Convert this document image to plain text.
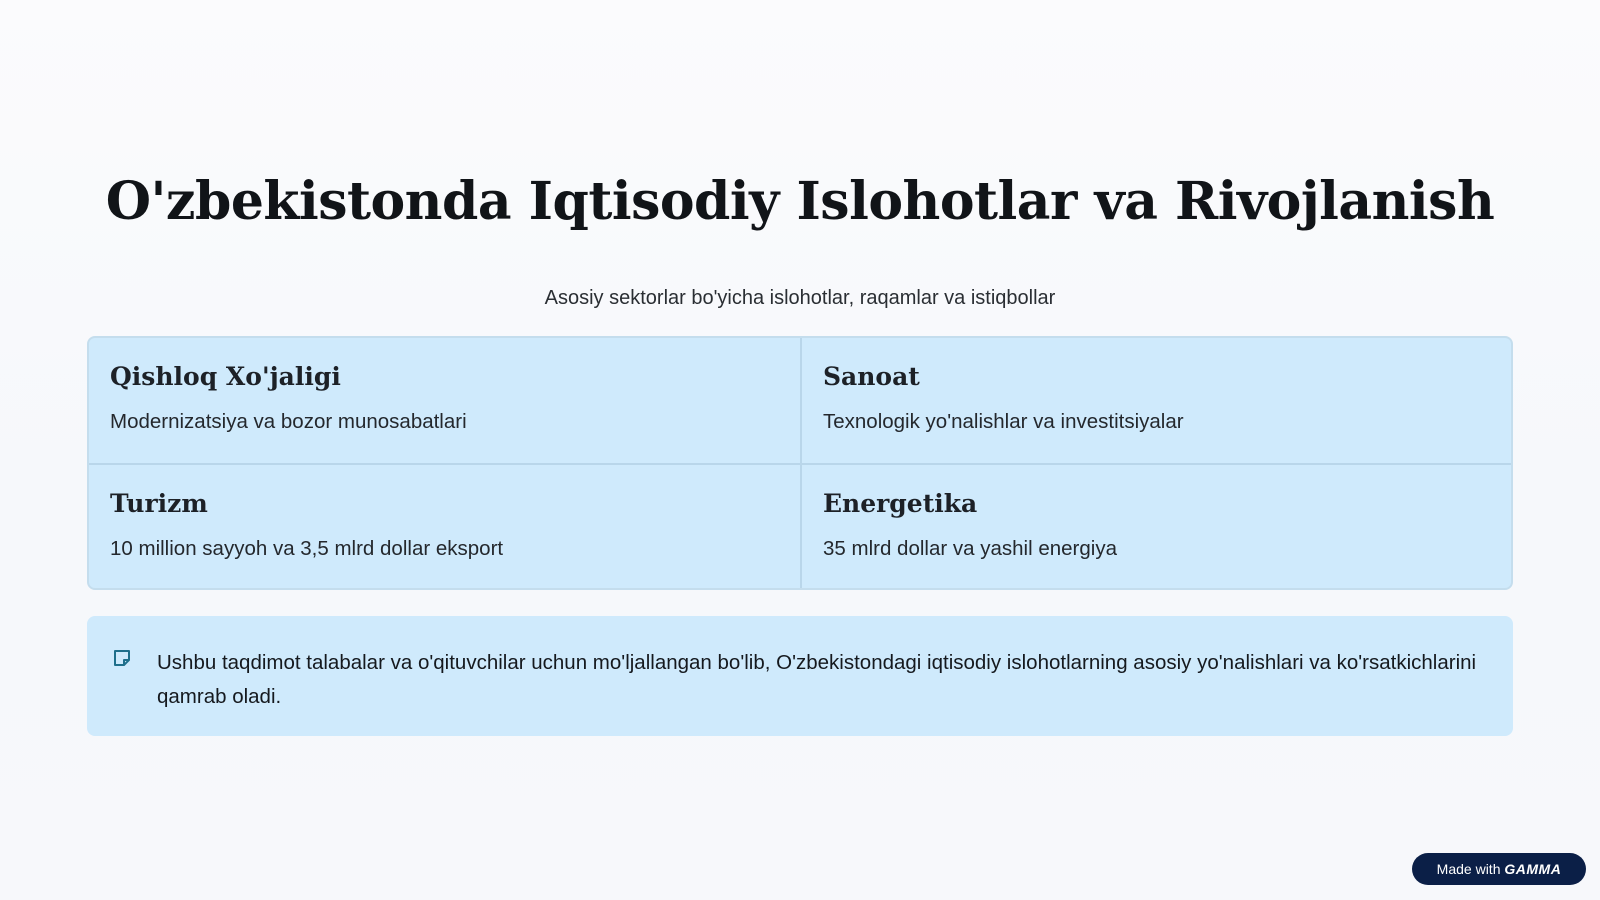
O'zbekistonda Iqtisodiy Islohotlar va Rivojlanish
Asosiy sektorlar bo'yicha islohotlar, raqamlar va istiqbollar
Qishloq Xo'jaligi
Modernizatsiya va bozor munosabatlari
Sanoat
Texnologik yo'nalishlar va investitsiyalar
Turizm
10 million sayyoh va 3,5 mlrd dollar eksport
Energetika
35 mlrd dollar va yashil energiya
Ushbu taqdimot talabalar va o'qituvchilar uchun mo'ljallangan bo'lib, O'zbekistondagi iqtisodiy islohotlarning asosiy yo'nalishlari va ko'rsatkichlarini qamrab oladi.
Made with GAMMA
